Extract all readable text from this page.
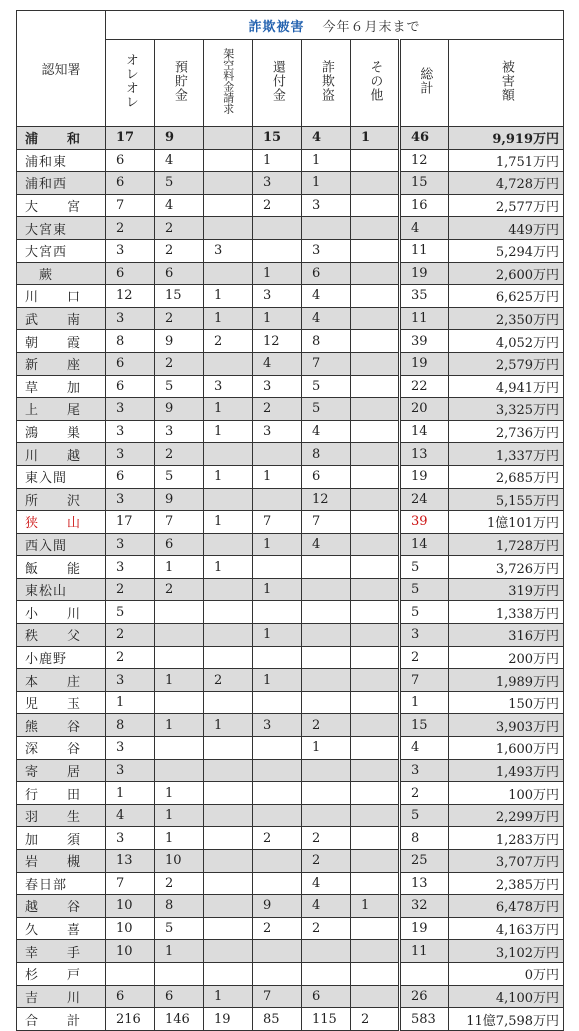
認知署	詐欺被害 今年６月末まで							
	オレオレ	預貯金	架空料金請求	還付金	詐欺盗	その他	総計	被害額
浦　　和	17	9		15	4	1	46	9,919万円
浦和東	6	4		1	1		12	1,751万円
浦和西	6	5		3	1		15	4,728万円
大　　宮	7	4		2	3		16	2,577万円
大宮東	2	2					4	449万円
大宮西	3	2	3		3		11	5,294万円
　蕨	6	6		1	6		19	2,600万円
川　　口	12	15	1	3	4		35	6,625万円
武　　南	3	2	1	1	4		11	2,350万円
朝　　霞	8	9	2	12	8		39	4,052万円
新　　座	6	2		4	7		19	2,579万円
草　　加	6	5	3	3	5		22	4,941万円
上　　尾	3	9	1	2	5		20	3,325万円
鴻　　巣	3	3	1	3	4		14	2,736万円
川　　越	3	2			8		13	1,337万円
東入間	6	5	1	1	6		19	2,685万円
所　　沢	3	9			12		24	5,155万円
狭　　山	17	7	1	7	7		39	1億101万円
西入間	3	6		1	4		14	1,728万円
飯　　能	3	1	1				5	3,726万円
東松山	2	2		1			5	319万円
小　　川	5						5	1,338万円
秩　　父	2			1			3	316万円
小鹿野	2						2	200万円
本　　庄	3	1	2	1			7	1,989万円
児　　玉	1						1	150万円
熊　　谷	8	1	1	3	2		15	3,903万円
深　　谷	3				1		4	1,600万円
寄　　居	3						3	1,493万円
行　　田	1	1					2	100万円
羽　　生	4	1					5	2,299万円
加　　須	3	1		2	2		8	1,283万円
岩　　槻	13	10			2		25	3,707万円
春日部	7	2			4		13	2,385万円
越　　谷	10	8		9	4	1	32	6,478万円
久　　喜	10	5		2	2		19	4,163万円
幸　　手	10	1					11	3,102万円
杉　　戸								0万円
吉　　川	6	6	1	7	6		26	4,100万円
合　　計	216	146	19	85	115	2	583	11億7,598万円
